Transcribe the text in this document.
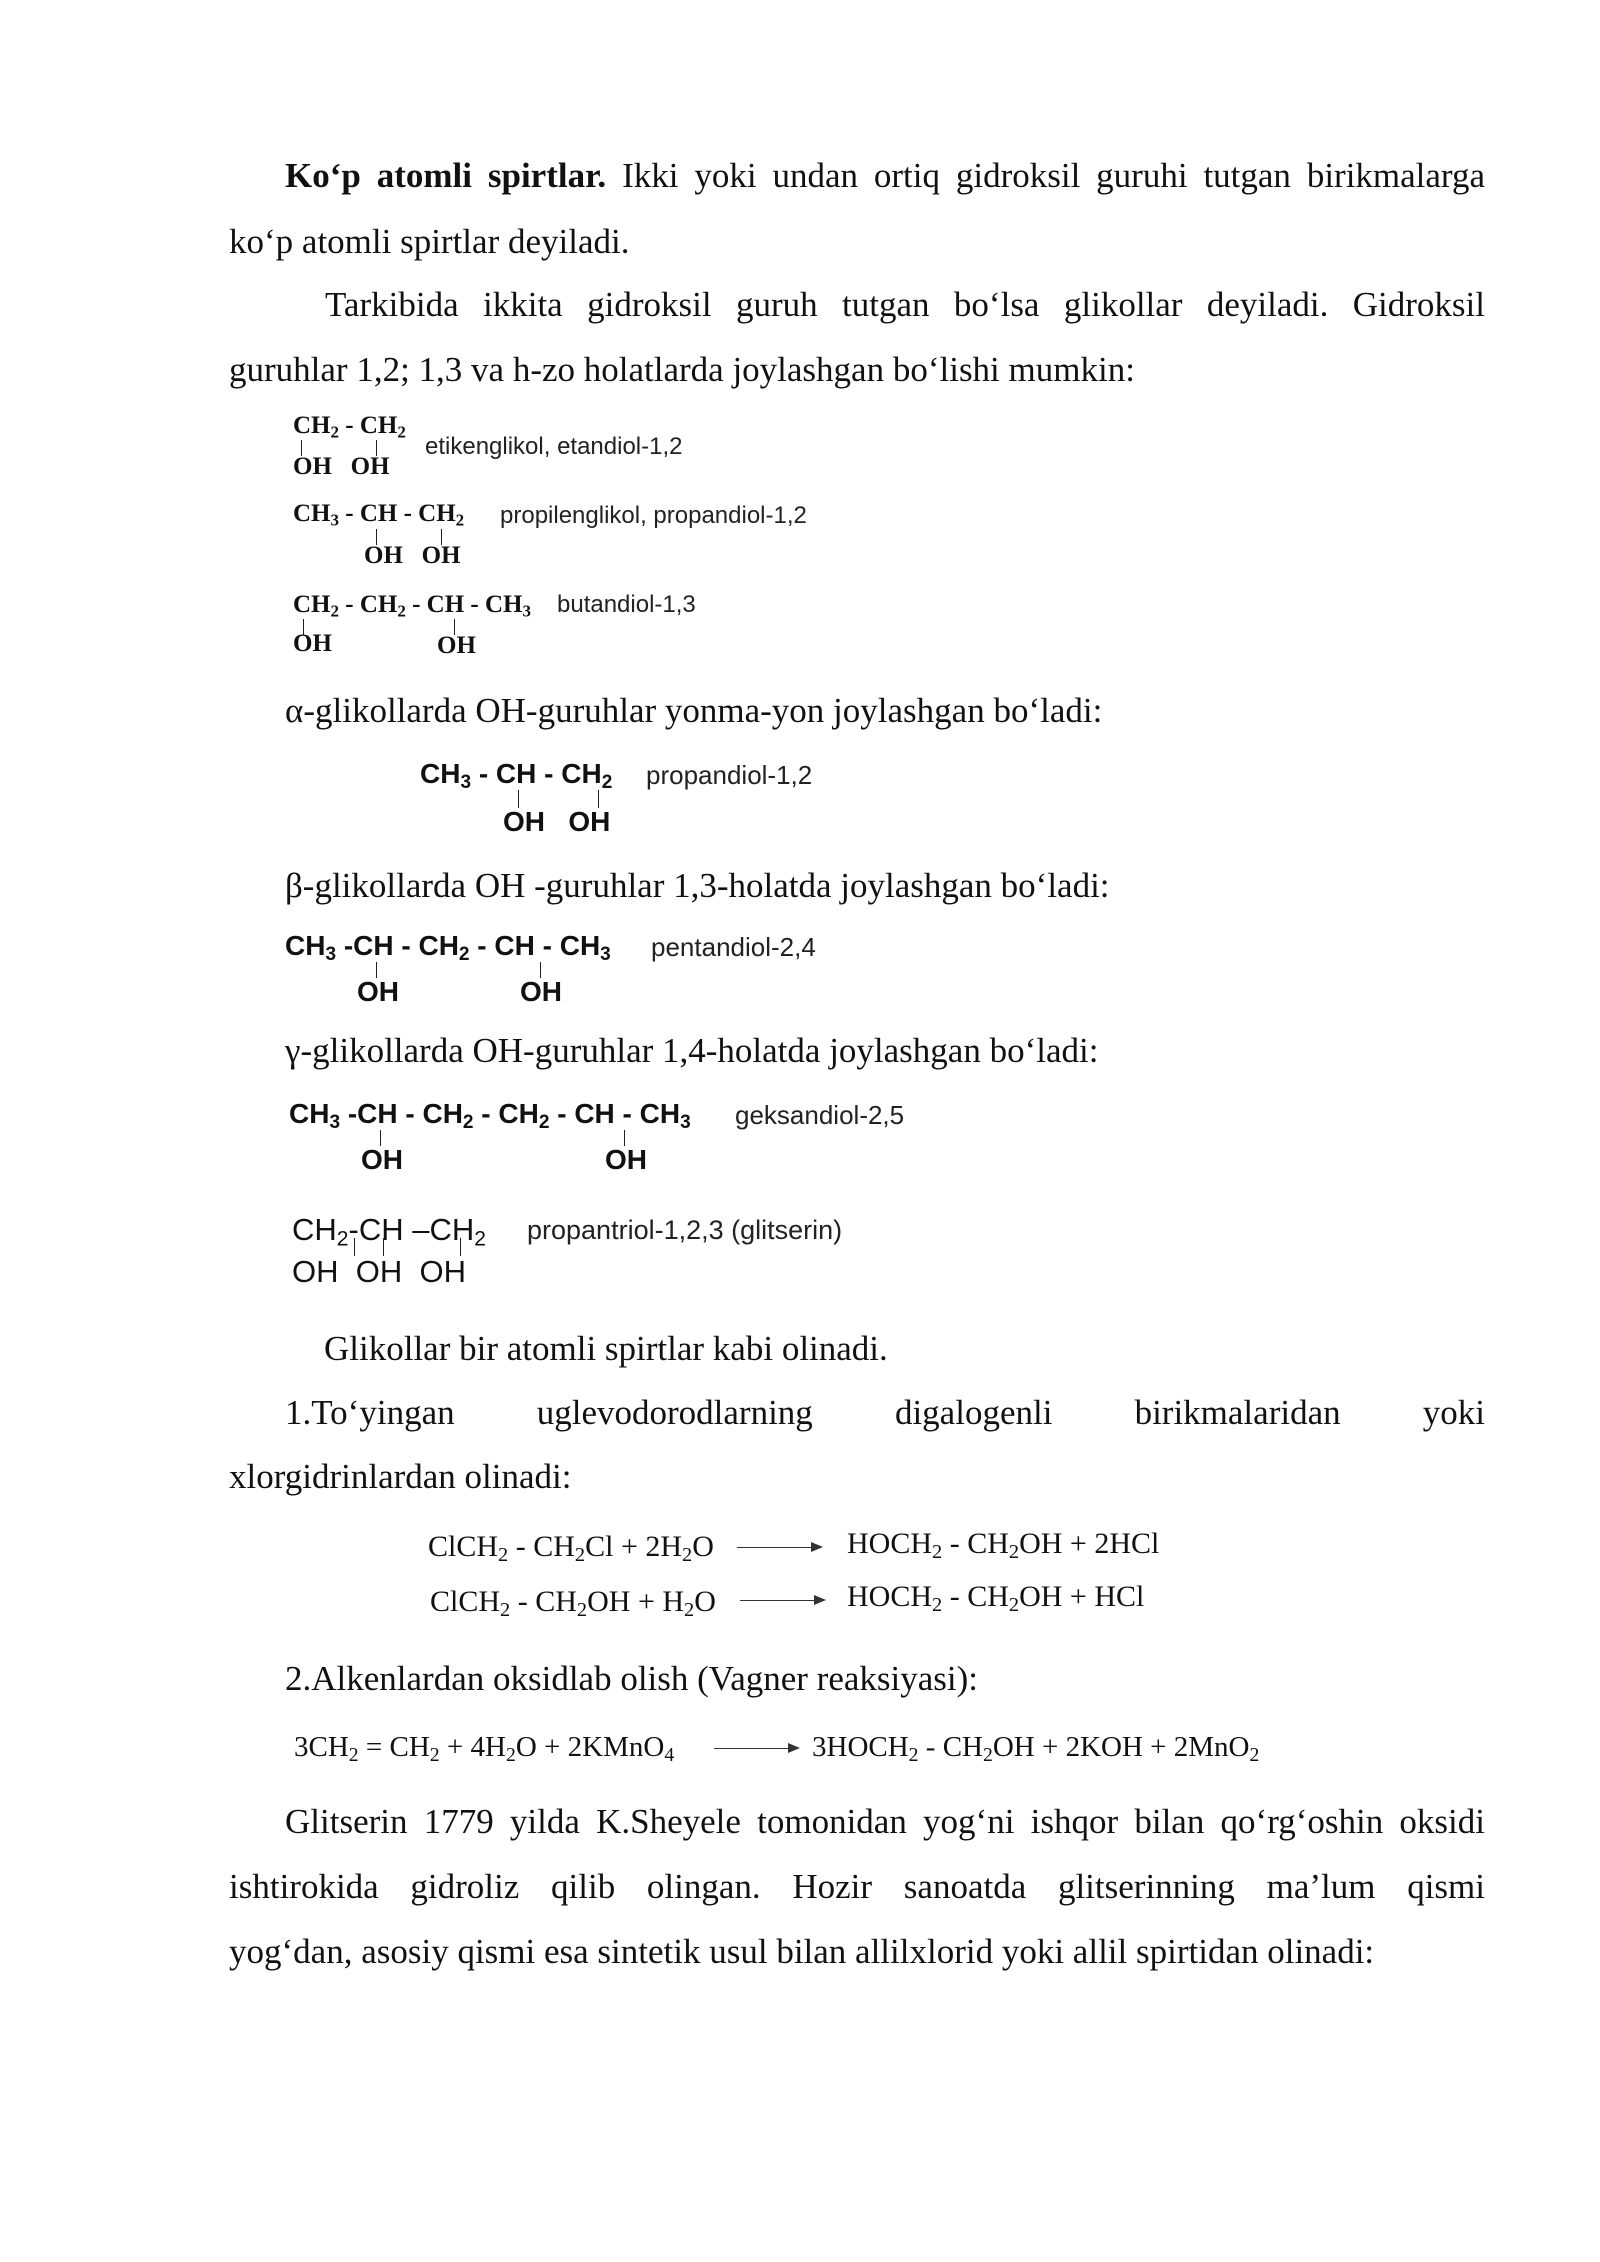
Ko‘p atomli spirtlar. Ikki yoki undan ortiq gidroksil guruhi tutgan birikmalarga

ko‘p atomli spirtlar deyiladi.

Tarkibida ikkita gidroksil guruh tutgan bo‘lsa glikollar deyiladi. Gidroksil

guruhlar 1,2; 1,3 va h-zo holatlarda joylashgan bo‘lishi mumkin:

$CH_2 - CH_2$
OH   OH
etikenglikol, etandiol-1,2
$CH_3$ - CH - $CH_2$
OH   OH
propilenglikol, propandiol-1,2
$CH_2 - CH_2$ - CH - $CH_3$
OH	OH
butandiol-1,3

α-glikollarda OH-guruhlar yonma-yon joylashgan bo‘ladi:

$CH_3$ - CH - $CH_2$
OH   OH
propandiol-1,2

β-glikollarda OH -guruhlar 1,3-holatda joylashgan bo‘ladi:

$CH_3$ $-CH - CH_2$ - CH - $CH_3$
OH	OH
pentandiol-2,4

γ-glikollarda OH-guruhlar 1,4-holatda joylashgan bo‘ladi:

$CH_3$ $-CH - CH_2 - CH_2$ - CH - $CH_3$
OH	OH
geksandiol-2,5
$CH_2-CH$ $-CH_2$
OH  OH  OH
propantriol-1,2,3 (glitserin)

Glikollar bir atomli spirtlar kabi olinadi.

1.To‘yingan uglevodorodlarning digalogenli birikmalaridan yoki

xlorgidrinlardan olinadi:

ClCH$_2$ - $CH_2Cl + 2H_2O$	$HOCH_2 - CH_2OH + 2HCl$
ClCH$_2$ - $CH_2OH + H_2O$	$HOCH_2 - CH_2OH$ + HCl

2.Alkenlardan oksidlab olish (Vagner reaksiyasi):

$3CH_2 = CH_2 + 4H_2O$ + 2KMnO$_4$	$3HOCH_2 - CH_2OH + 2KOH + 2MnO_2$

Glitserin 1779 yilda K.Sheyele tomonidan yog‘ni ishqor bilan qo‘rg‘oshin oksidi

ishtirokida gidroliz qilib olingan. Hozir sanoatda glitserinning ma’lum qismi

yog‘dan, asosiy qismi esa sintetik usul bilan allilxlorid yoki allil spirtidan olinadi:
